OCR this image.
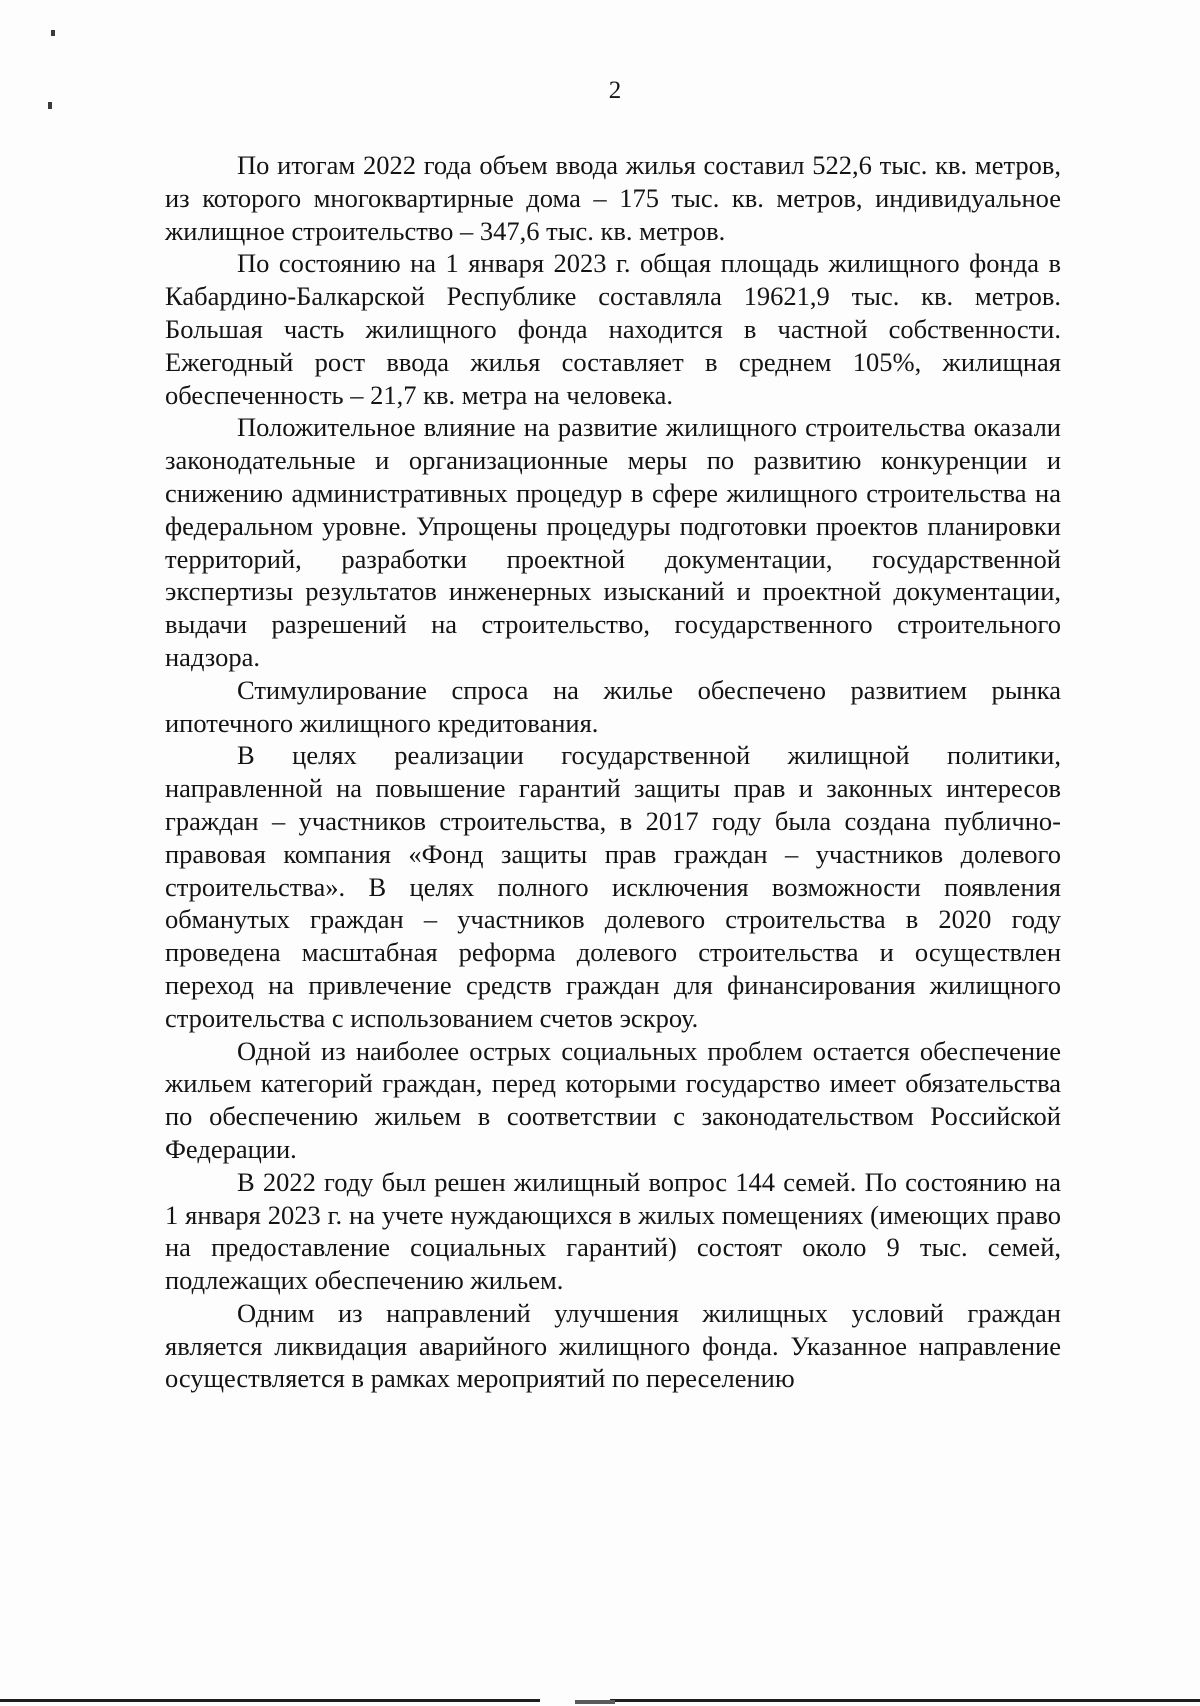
2

По итогам 2022 года объем ввода жилья составил 522,6 тыс. кв. метров, из которого многоквартирные дома – 175 тыс. кв. метров, индивидуальное жилищное строительство – 347,6 тыс. кв. метров.

По состоянию на 1 января 2023 г. общая площадь жилищного фонда в Кабардино-Балкарской Республике составляла 19621,9 тыс. кв. метров. Большая часть жилищного фонда находится в частной собственности. Ежегодный рост ввода жилья составляет в среднем 105%, жилищная обеспеченность – 21,7 кв. метра на человека.

Положительное влияние на развитие жилищного строительства оказали законодательные и организационные меры по развитию конкуренции и снижению административных процедур в сфере жилищного строительства на федеральном уровне. Упрощены процедуры подготовки проектов планировки территорий, разработки проектной документации, государственной экспертизы результатов инженерных изысканий и проектной документации, выдачи разрешений на строительство, государственного строительного надзора.

Стимулирование спроса на жилье обеспечено развитием рынка ипотечного жилищного кредитования.

В целях реализации государственной жилищной политики, направленной на повышение гарантий защиты прав и законных интересов граждан – участников строительства, в 2017 году была создана публично-правовая компания «Фонд защиты прав граждан – участников долевого строительства». В целях полного исключения возможности появления обманутых граждан – участников долевого строительства в 2020 году проведена масштабная реформа долевого строительства и осуществлен переход на привлечение средств граждан для финансирования жилищного строительства с использованием счетов эскроу.

Одной из наиболее острых социальных проблем остается обеспечение жильем категорий граждан, перед которыми государство имеет обязательства по обеспечению жильем в соответствии с законодательством Российской Федерации.

В 2022 году был решен жилищный вопрос 144 семей. По состоянию на 1 января 2023 г. на учете нуждающихся в жилых помещениях (имеющих право на предоставление социальных гарантий) состоят около 9 тыс. семей, подлежащих обеспечению жильем.

Одним из направлений улучшения жилищных условий граждан является ликвидация аварийного жилищного фонда. Указанное направление осуществляется в рамках мероприятий по переселению
